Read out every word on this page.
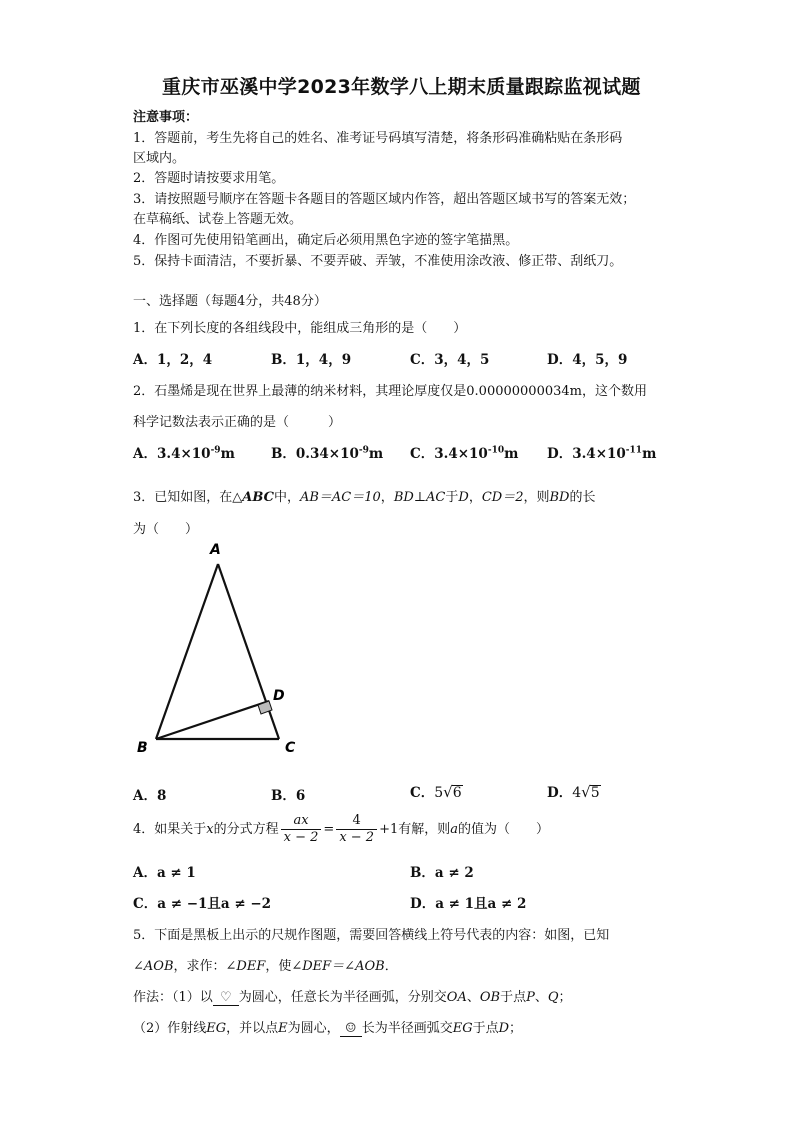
重庆市巫溪中学2023年数学八上期末质量跟踪监视试题
注意事项：
1．答题前，考生先将自己的姓名、准考证号码填写清楚，将条形码准确粘贴在条形码
区域内。
2．答题时请按要求用笔。
3．请按照题号顺序在答题卡各题目的答题区域内作答，超出答题区域书写的答案无效；
在草稿纸、试卷上答题无效。
4．作图可先使用铅笔画出，确定后必须用黑色字迹的签字笔描黑。
5．保持卡面清洁，不要折暴、不要弄破、弄皱，不准使用涂改液、修正带、刮纸刀。
一、选择题（每题4分，共48分）
1．在下列长度的各组线段中，能组成三角形的是（　　）
A．1，2，4	B．1，4，9	C．3，4，5	D．4，5，9
2．石墨烯是现在世界上最薄的纳米材料，其理论厚度仅是0.00000000034m，这个数用
科学记数法表示正确的是（　　　）
A．$3.4\times 10^{-9}m$	B．$0.34\times 10^{-9}m$ C．$3.4\times 10^{-10}m$ D．$3.4\times 10^{-11}m$
3．已知如图，在△ABC中，AB＝AC＝10，BD⊥AC于D，CD＝2，则BD的长
为（　　）
A
B	C
D
A．8	B．6	C．5√6	D．4√5
4．如果关于x的分式方程 $\frac{ax}{x - 2} = \frac{4}{x - 2} +1$有解，则a的值为（　　）
A．a ≠ 1	B．a ≠ 2
C．a ≠ −1且a ≠ −2	D．a ≠ 1且a ≠ 2
5．下面是黑板上出示的尺规作图题，需要回答横线上符号代表的内容：如图，已知
∠AOB，求作：∠DEF，使∠DEF＝∠AOB．
作法：（1）以 ♡ 为圆心，任意长为半径画弧，分别交OA、OB于点P、Q；
（2）作射线EG，并以点E为圆心， ☺ 长为半径画弧交EG于点D；
